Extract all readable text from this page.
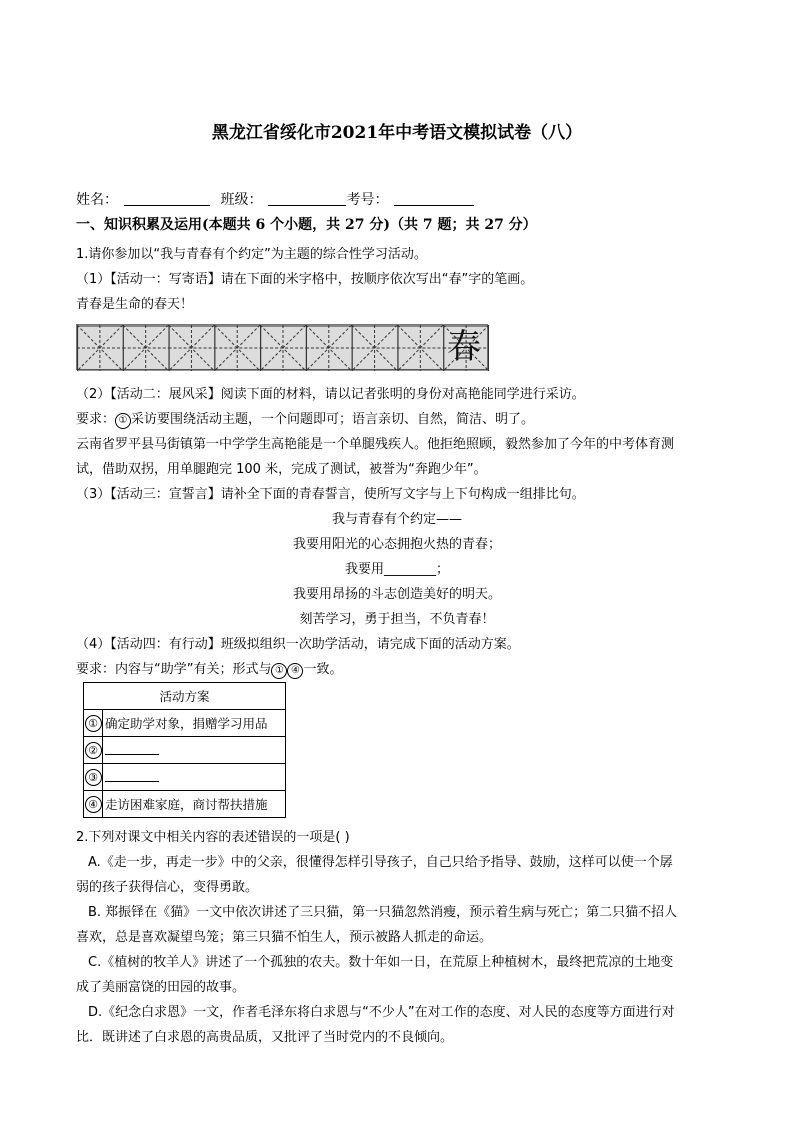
黑龙江省绥化市2021年中考语文模拟试卷（八）
姓名：	班级：	考号：
一、知识积累及运用(本题共 6 个小题，共 27 分)（共 7 题；共 27 分）
1.请你参加以“我与青春有个约定”为主题的综合性学习活动。
（1）【活动一：写寄语】请在下面的米字格中，按顺序依次写出“春”字的笔画。
青春是生命的春天！
春
（2）【活动二：展风采】阅读下面的材料，请以记者张明的身份对高艳能同学进行采访。
要求： ① 采访要围绕活动主题，一个问题即可；语言亲切、自然，简洁、明了。
云南省罗平县马街镇第一中学学生高艳能是一个单腿残疾人。他拒绝照顾，毅然参加了今年的中考体育测
试，借助双拐，用单腿跑完 100 米，完成了测试，被誉为“奔跑少年”。
（3）【活动三：宣誓言】请补全下面的青春誓言，使所写文字与上下句构成一组排比句。
我与青春有个约定——
我要用阳光的心态拥抱火热的青春；
我要用________；
我要用昂扬的斗志创造美好的明天。
刻苦学习，勇于担当，不负青春！
（4）【活动四：有行动】班级拟组织一次助学活动，请完成下面的活动方案。
要求：内容与“助学”有关；形式与 ① ④ 一致。
活动方案	
①	确定助学对象，捐赠学习用品
②	
③	
④	走访困难家庭，商讨帮扶措施
2.下列对课文中相关内容的表述错误的一项是( )
A.《走一步，再走一步》中的父亲，很懂得怎样引导孩子，自己只给予指导、鼓励，这样可以使一个孱
弱的孩子获得信心，变得勇敢。
B. 郑振铎在《猫》一文中依次讲述了三只猫，第一只猫忽然消瘦，预示着生病与死亡；第二只猫不招人
喜欢，总是喜欢凝望鸟笼；第三只猫不怕生人，预示被路人抓走的命运。
C.《植树的牧羊人》讲述了一个孤独的农夫。数十年如一日，在荒原上种植树木，最终把荒凉的土地变
成了美丽富饶的田园的故事。
D.《纪念白求恩》一文，作者毛泽东将白求恩与“不少人”在对工作的态度、对人民的态度等方面进行对
比．既讲述了白求恩的高贵品质，又批评了当时党内的不良倾向。
